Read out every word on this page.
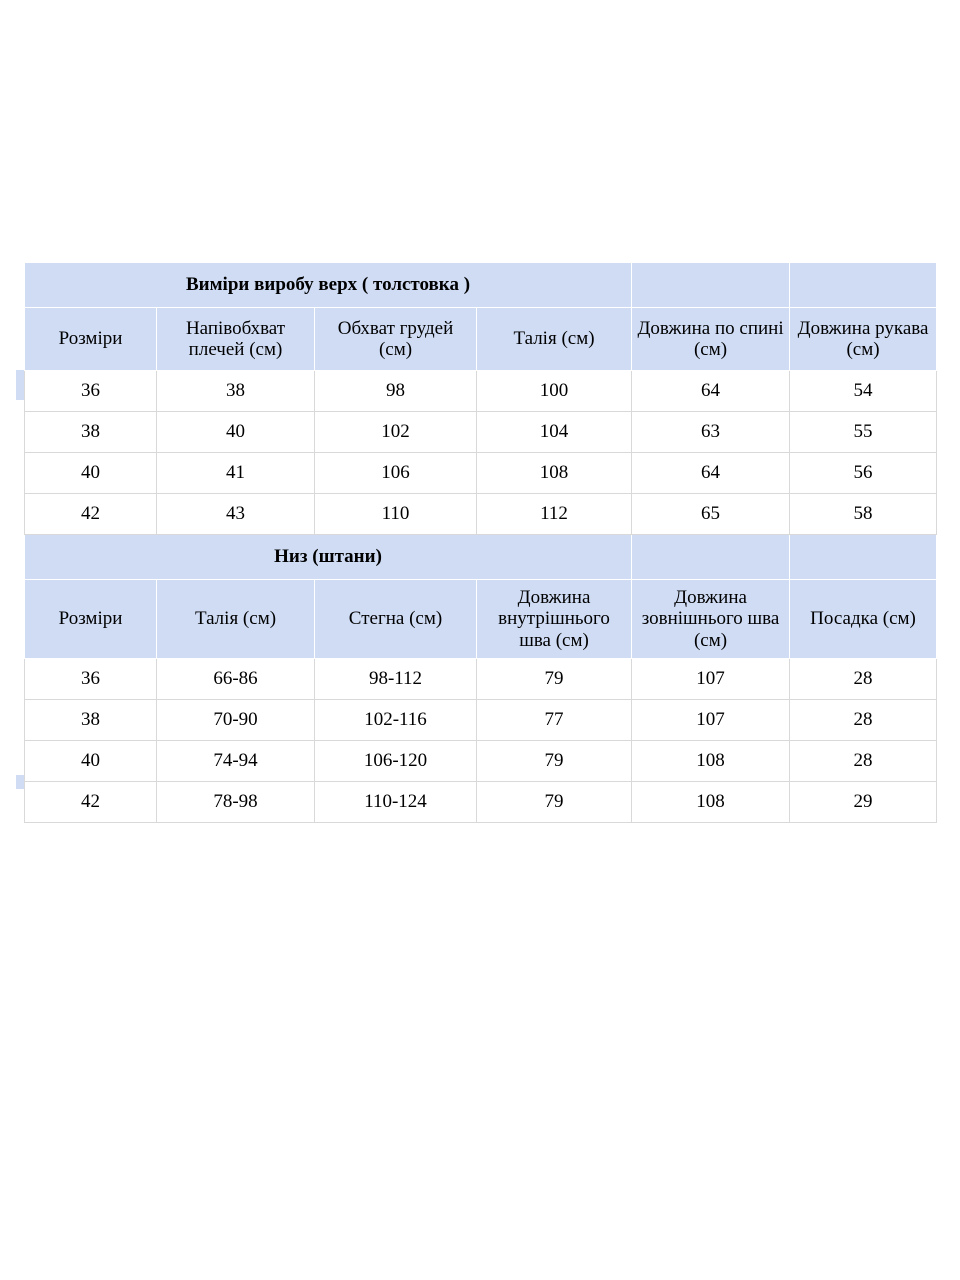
Виміри виробу верх ( толстовка )					
Розміри	Напівобхват плечей (см)	Обхват грудей (см)	Талія (см)	Довжина по спині (см)	Довжина рукава (см)
36	38	98	100	64	54
38	40	102	104	63	55
40	41	106	108	64	56
42	43	110	112	65	58
Низ (штани)					
Розміри	Талія (см)	Стегна (см)	Довжина внутрішнього шва (см)	Довжина зовнішнього шва (см)	Посадка (см)
36	66-86	98-112	79	107	28
38	70-90	102-116	77	107	28
40	74-94	106-120	79	108	28
42	78-98	110-124	79	108	29
